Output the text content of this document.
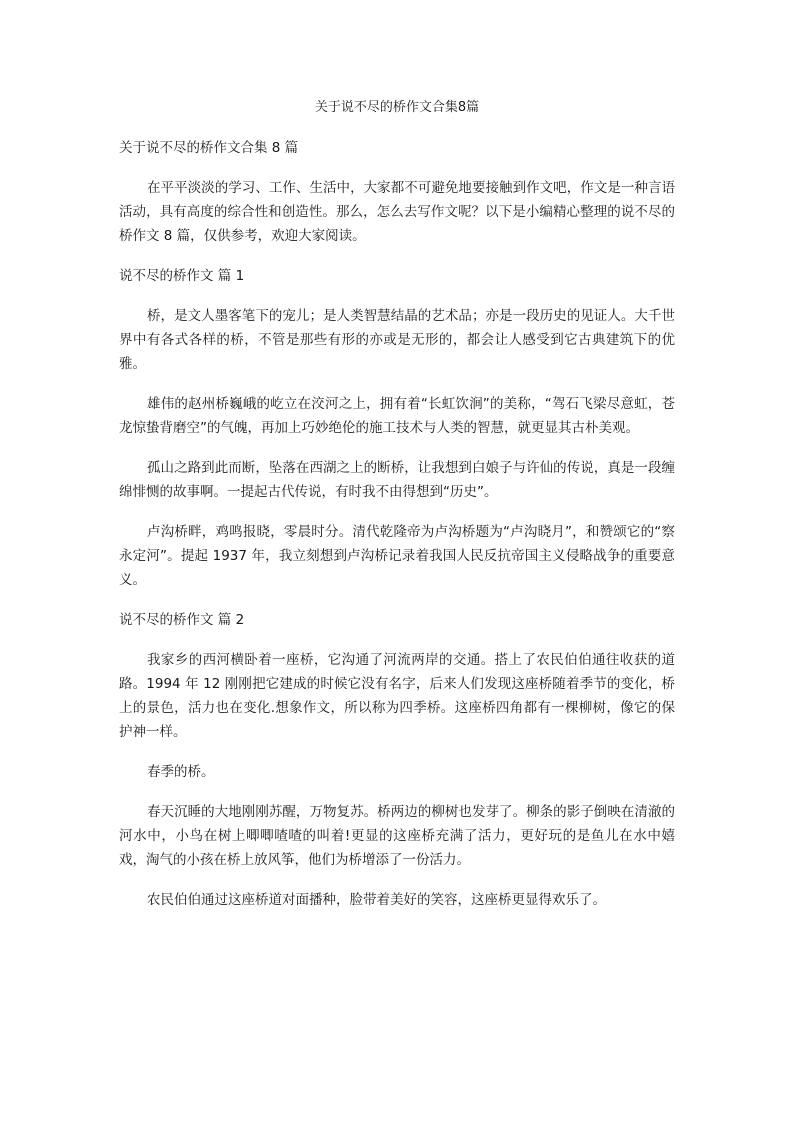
关于说不尽的桥作文合集8篇
关于说不尽的桥作文合集 8 篇

在平平淡淡的学习、工作、生活中，大家都不可避免地要接触到作文吧，作文是一种言语活动，具有高度的综合性和创造性。那么，怎么去写作文呢？以下是小编精心整理的说不尽的桥作文 8 篇，仅供参考，欢迎大家阅读。

说不尽的桥作文 篇 1

桥，是文人墨客笔下的宠儿；是人类智慧结晶的艺术品；亦是一段历史的见证人。大千世界中有各式各样的桥，不管是那些有形的亦或是无形的，都会让人感受到它古典建筑下的优雅。

雄伟的赵州桥巍峨的屹立在洨河之上，拥有着“长虹饮涧”的美称，“驾石飞梁尽意虹，苍龙惊蛰背磨空”的气魄，再加上巧妙绝伦的施工技术与人类的智慧，就更显其古朴美观。

孤山之路到此而断，坠落在西湖之上的断桥，让我想到白娘子与许仙的传说，真是一段缠绵悱恻的故事啊。一提起古代传说，有时我不由得想到“历史”。

卢沟桥畔，鸡鸣报晓，零晨时分。清代乾隆帝为卢沟桥题为“卢沟晓月”，和赞颂它的“察永定河”。提起 1937 年，我立刻想到卢沟桥记录着我国人民反抗帝国主义侵略战争的重要意义。

说不尽的桥作文 篇 2

我家乡的西河横卧着一座桥，它沟通了河流两岸的交通。搭上了农民伯伯通往收获的道路。1994 年 12 刚刚把它建成的时候它没有名字，后来人们发现这座桥随着季节的变化，桥上的景色，活力也在变化.想象作文，所以称为四季桥。这座桥四角都有一棵柳树，像它的保护神一样。

春季的桥。

春天沉睡的大地刚刚苏醒，万物复苏。桥两边的柳树也发芽了。柳条的影子倒映在清澈的河水中，小鸟在树上唧唧喳喳的叫着!更显的这座桥充满了活力，更好玩的是鱼儿在水中嬉戏，淘气的小孩在桥上放风筝，他们为桥增添了一份活力。

农民伯伯通过这座桥道对面播种，脸带着美好的笑容，这座桥更显得欢乐了。
